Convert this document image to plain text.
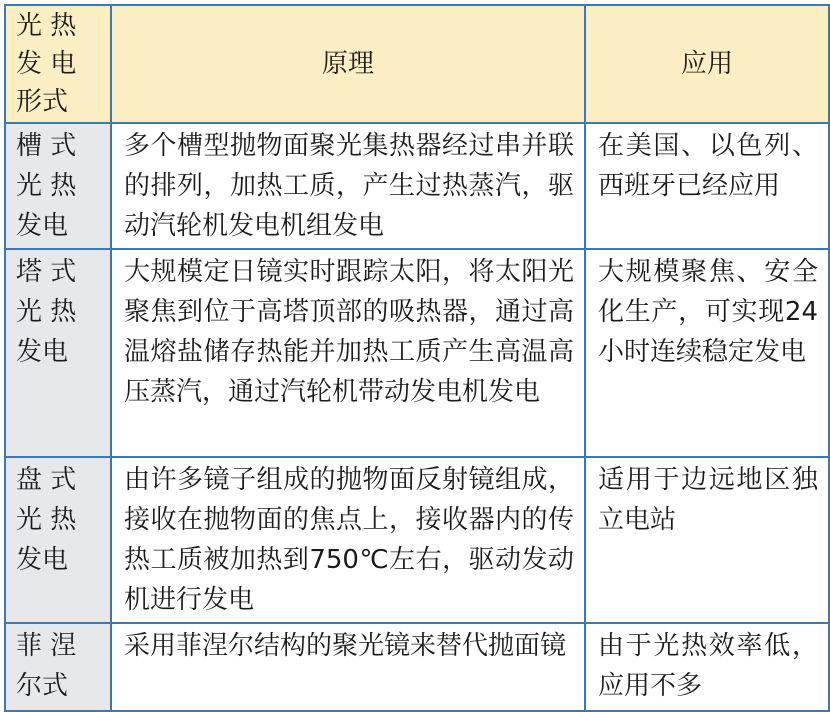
光 热
发 电
形式	原理	应用

槽 式
光 热
发电	多个槽型抛物面聚光集热器经过串并联的排列，加热工质，产生过热蒸汽，驱动汽轮机发电机组发电	在美国、以色列、西班牙已经应用

塔 式
光 热
发电	大规模定日镜实时跟踪太阳，将太阳光聚焦到位于高塔顶部的吸热器，通过高温熔盐储存热能并加热工质产生高温高压蒸汽，通过汽轮机带动发电机发电	大规模聚焦、安全化生产，可实现24小时连续稳定发电

盘 式
光 热
发电	由许多镜子组成的抛物面反射镜组成，接收在抛物面的焦点上，接收器内的传热工质被加热到750℃左右，驱动发动机进行发电	适用于边远地区独立电站

菲 涅
尔式	采用菲涅尔结构的聚光镜来替代抛面镜	由于光热效率低，应用不多
